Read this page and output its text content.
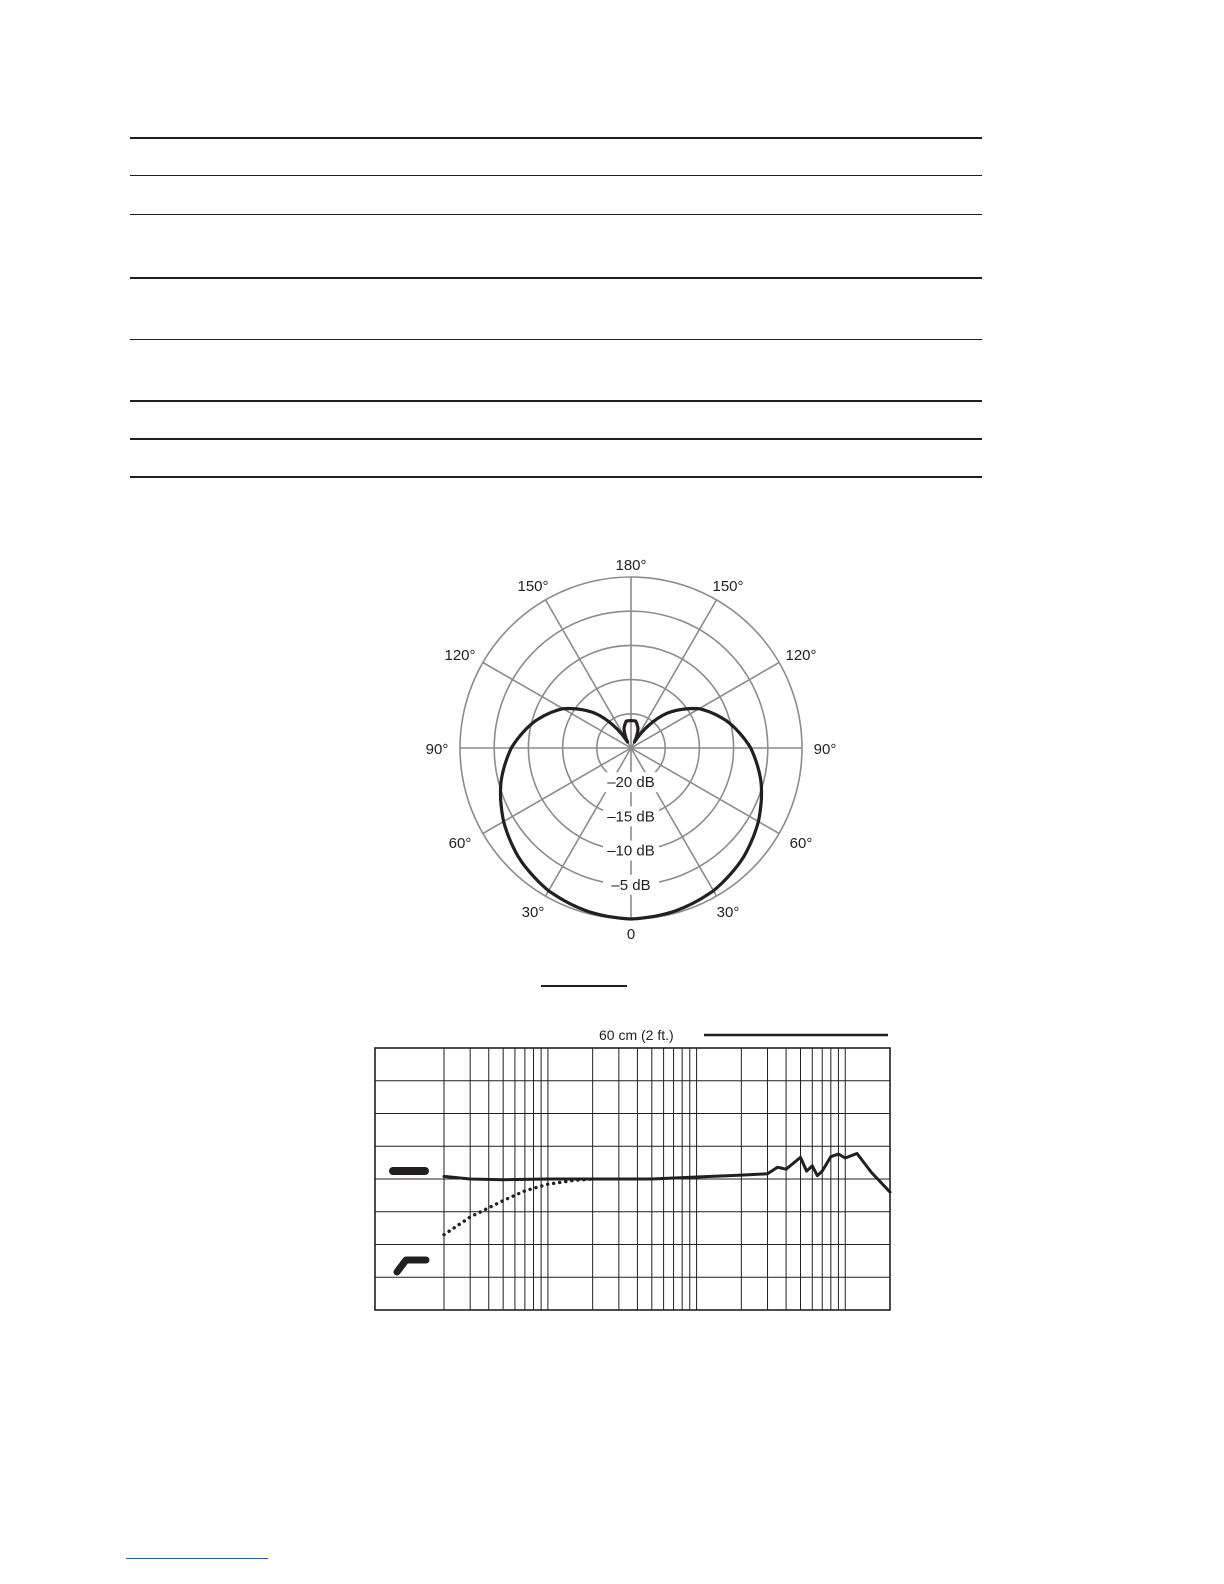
–20 dB
–15 dB
–10 dB
–5 dB
180°
150°	150°
120°	120°
90°	90°
60°	60°
30°	30°
0
60 cm (2 ft.)
